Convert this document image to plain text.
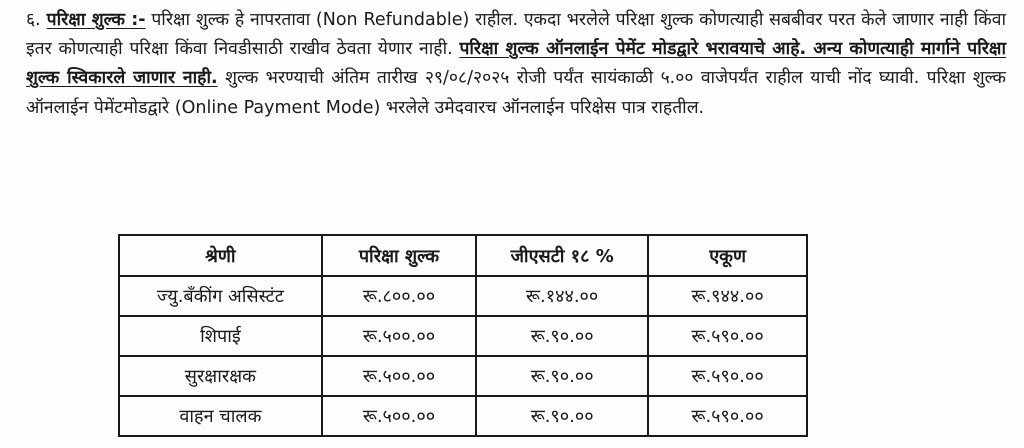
६. परिक्षा शुल्क :- परिक्षा शुल्क हे नापरतावा (Non Refundable) राहील. एकदा भरलेले परिक्षा शुल्क कोणत्याही सबबीवर परत केले जाणार नाही किंवा इतर कोणत्याही परिक्षा किंवा निवडीसाठी राखीव ठेवता येणार नाही. परिक्षा शुल्क ऑनलाईन पेमेंट मोडद्वारे भरावयाचे आहे. अन्य कोणत्याही मार्गाने परिक्षा शुल्क स्विकारले जाणार नाही. शुल्क भरण्याची अंतिम तारीख २९/०८/२०२५ रोजी पर्यंत सायंकाळी ५.०० वाजेपर्यंत राहील याची नोंद घ्यावी. परिक्षा शुल्क ऑनलाईन पेमेंटमोडद्वारे (Online Payment Mode) भरलेले उमेदवारच ऑनलाईन परिक्षेस पात्र राहतील.

श्रेणी	परिक्षा शुल्क	जीएसटी १८ %	एकूण
ज्यु.बँकींग असिस्टंट	रू.८००.००	रू.१४४.००	रू.९४४.००
शिपाई	रू.५००.००	रू.९०.००	रू.५९०.००
सुरक्षारक्षक	रू.५००.००	रू.९०.००	रू.५९०.००
वाहन चालक	रू.५००.००	रू.९०.००	रू.५९०.००
